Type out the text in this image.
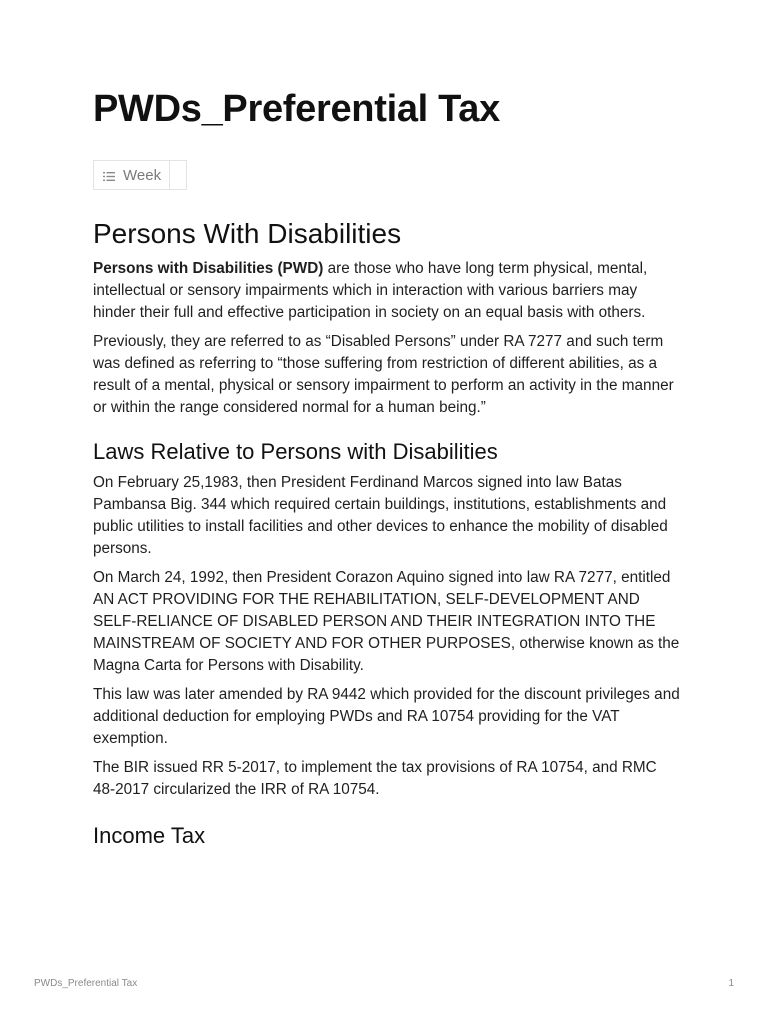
PWDs_Preferential Tax
Week
Persons With Disabilities

Persons with Disabilities (PWD) are those who have long term physical, mental, intellectual or sensory impairments which in interaction with various barriers may hinder their full and effective participation in society on an equal basis with others.

Previously, they are referred to as “Disabled Persons” under RA 7277 and such term was defined as referring to “those suffering from restriction of different abilities, as a result of a mental, physical or sensory impairment to perform an activity in the manner or within the range considered normal for a human being.”

Laws Relative to Persons with Disabilities

On February 25,1983, then President Ferdinand Marcos signed into law Batas Pambansa Big. 344 which required certain buildings, institutions, establishments and public utilities to install facilities and other devices to enhance the mobility of disabled persons.

On March 24, 1992, then President Corazon Aquino signed into law RA 7277, entitled AN ACT PROVIDING FOR THE REHABILITATION, SELF-DEVELOPMENT AND SELF-RELIANCE OF DISABLED PERSON AND THEIR INTEGRATION INTO THE MAINSTREAM OF SOCIETY AND FOR OTHER PURPOSES, otherwise known as the Magna Carta for Persons with Disability.

This law was later amended by RA 9442 which provided for the discount privileges and additional deduction for employing PWDs and RA 10754 providing for the VAT exemption.

The BIR issued RR 5-2017, to implement the tax provisions of RA 10754, and RMC 48-2017 circularized the IRR of RA 10754.

Income Tax
PWDs_Preferential Tax	1
